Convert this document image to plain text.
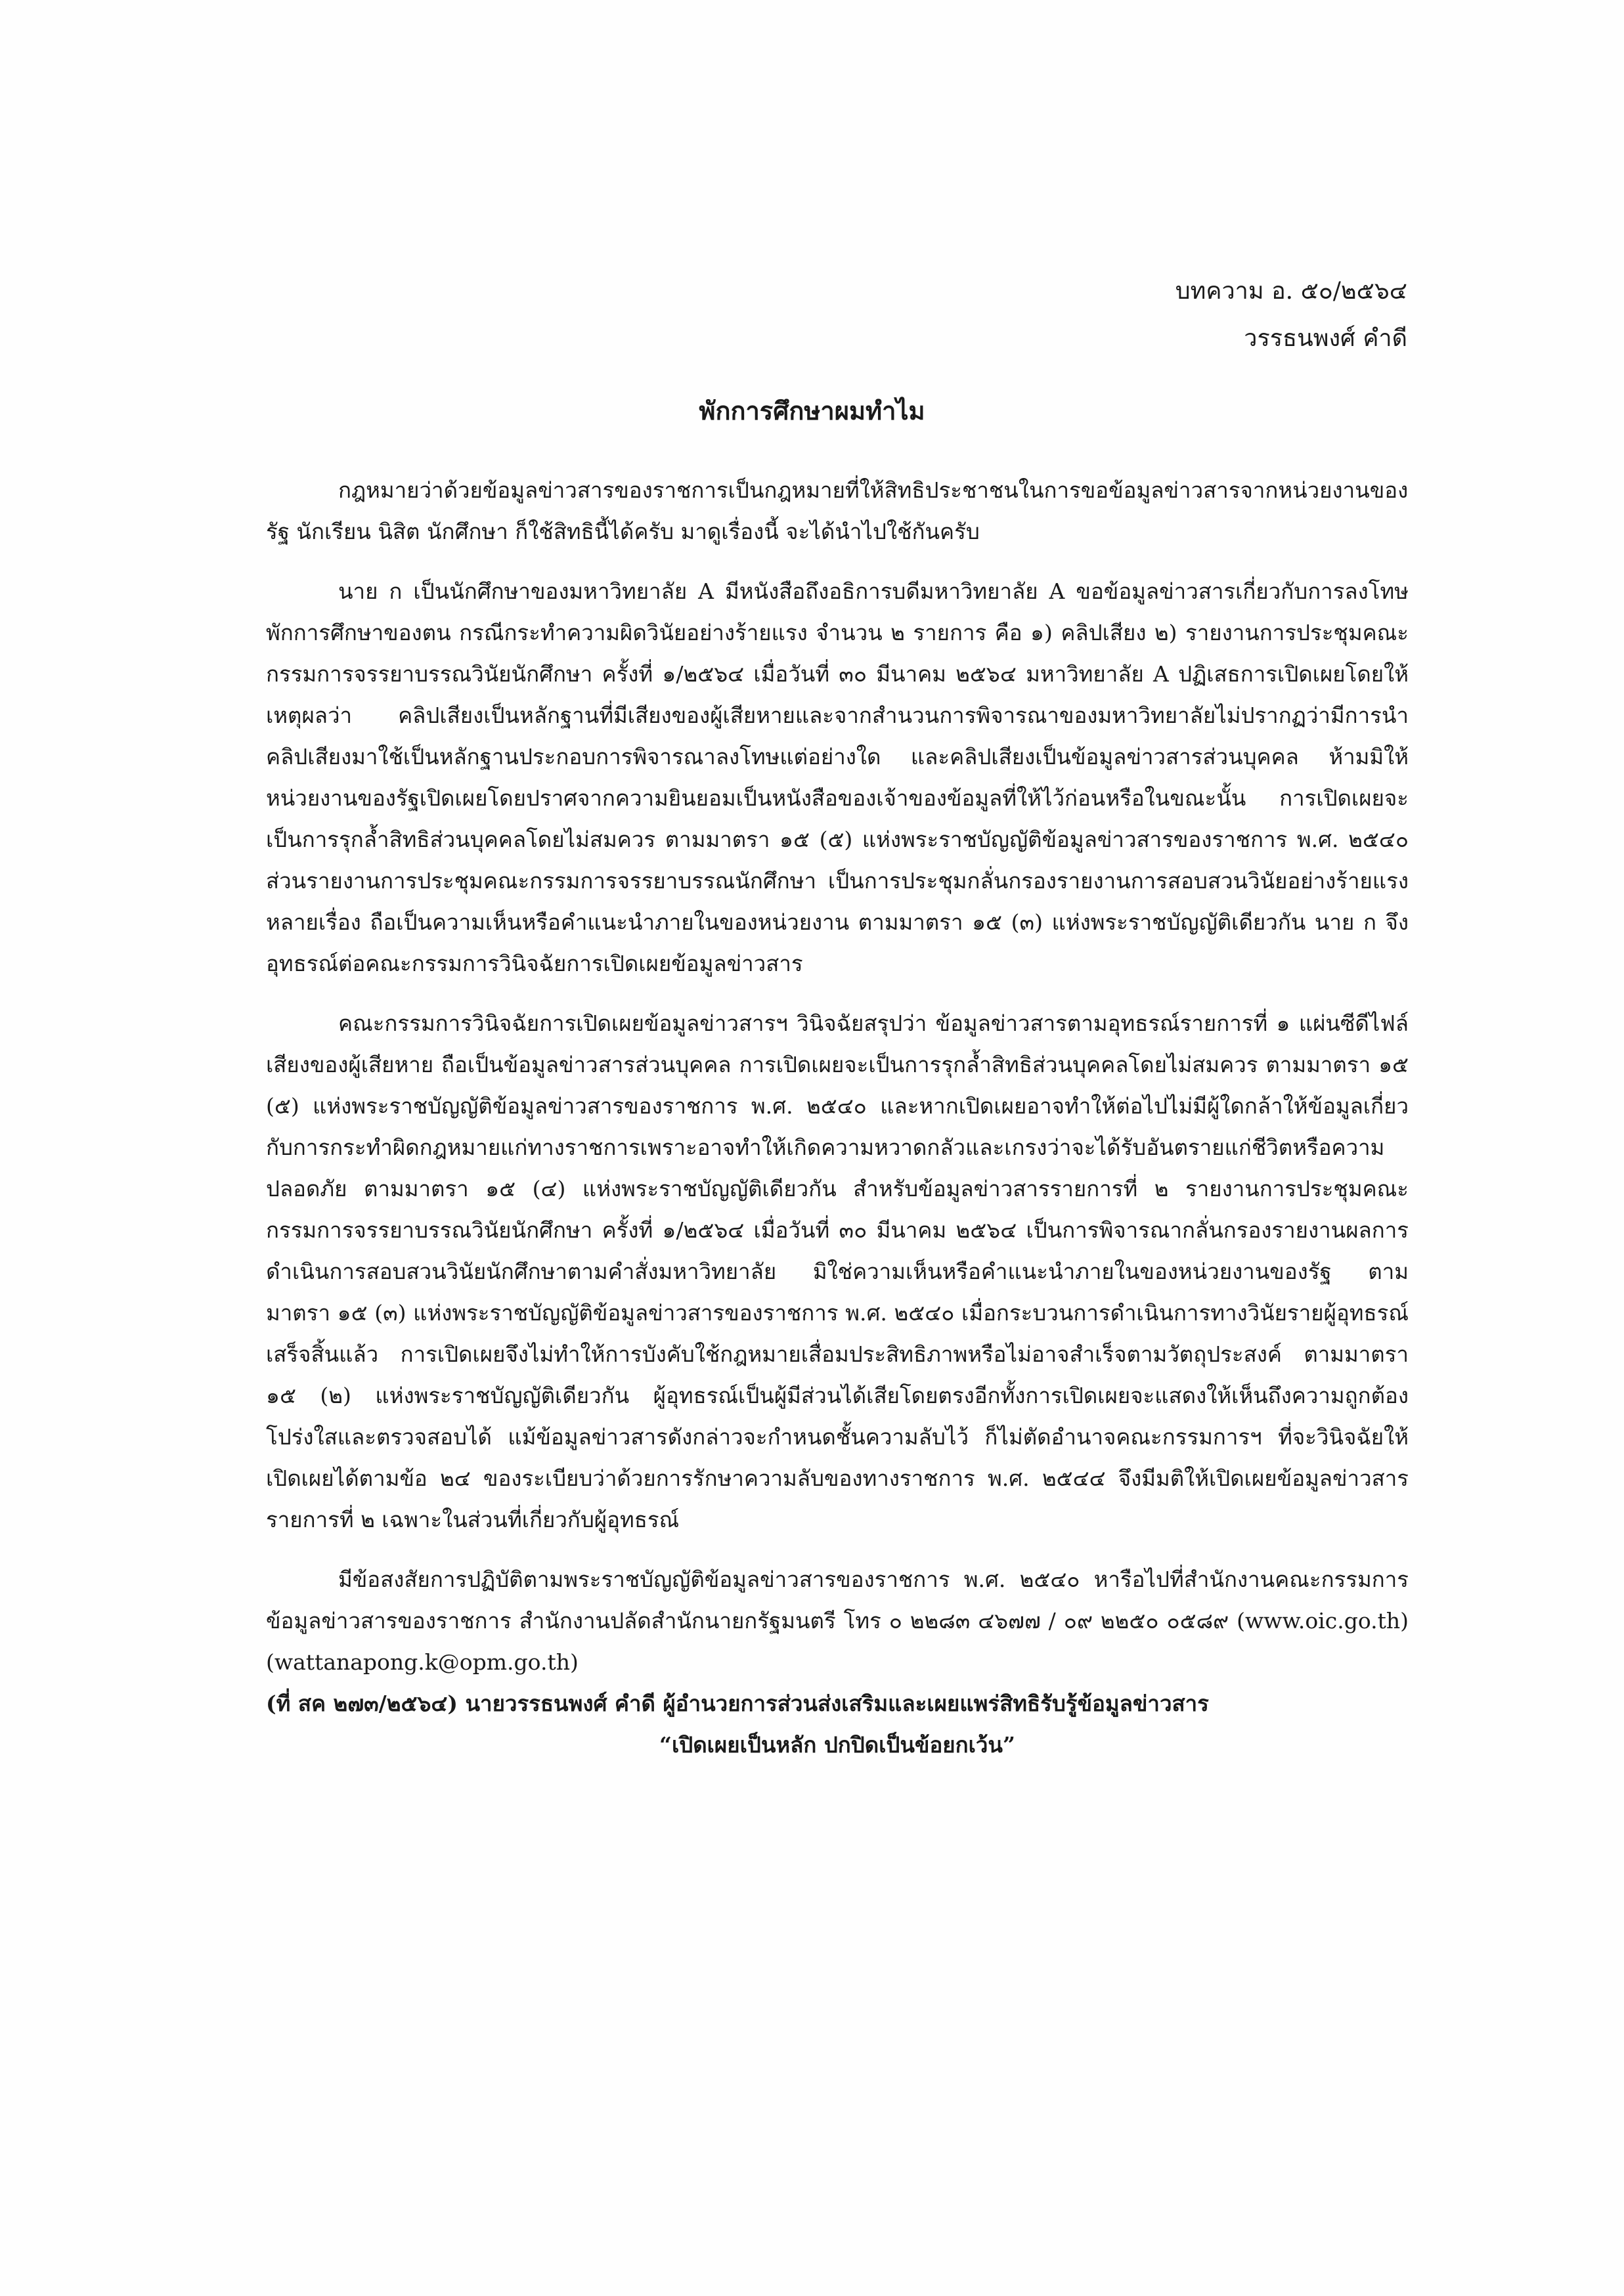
บทความ อ. ๕๐/๒๕๖๔
วรรธนพงศ์ คำดี
พักการศึกษาผมทำไม

กฎหมายว่าด้วยข้อมูลข่าวสารของราชการเป็นกฎหมายที่ให้สิทธิประชาชนในการขอข้อมูลข่าวสารจากหน่วยงานของรัฐ นักเรียน นิสิต นักศึกษา ก็ใช้สิทธินี้ได้ครับ มาดูเรื่องนี้ จะได้นำไปใช้กันครับ

นาย ก เป็นนักศึกษาของมหาวิทยาลัย A มีหนังสือถึงอธิการบดีมหาวิทยาลัย A ขอข้อมูลข่าวสารเกี่ยวกับการลงโทษพักการศึกษาของตน กรณีกระทำความผิดวินัยอย่างร้ายแรง จำนวน ๒ รายการ คือ ๑) คลิปเสียง ๒) รายงานการประชุมคณะกรรมการจรรยาบรรณวินัยนักศึกษา ครั้งที่ ๑/๒๕๖๔ เมื่อวันที่ ๓๐ มีนาคม ๒๕๖๔ มหาวิทยาลัย A ปฏิเสธการเปิดเผยโดยให้เหตุผลว่า คลิปเสียงเป็นหลักฐานที่มีเสียงของผู้เสียหายและจากสำนวนการพิจารณาของมหาวิทยาลัยไม่ปรากฏว่ามีการนำคลิปเสียงมาใช้เป็นหลักฐานประกอบการพิจารณาลงโทษแต่อย่างใด และคลิปเสียงเป็นข้อมูลข่าวสารส่วนบุคคล ห้ามมิให้หน่วยงานของรัฐเปิดเผยโดยปราศจากความยินยอมเป็นหนังสือของเจ้าของข้อมูลที่ให้ไว้ก่อนหรือในขณะนั้น การเปิดเผยจะเป็นการรุกล้ำสิทธิส่วนบุคคลโดยไม่สมควร ตามมาตรา ๑๕ (๕) แห่งพระราชบัญญัติข้อมูลข่าวสารของราชการ พ.ศ. ๒๕๔๐ ส่วนรายงานการประชุมคณะกรรมการจรรยาบรรณนักศึกษา เป็นการประชุมกลั่นกรองรายงานการสอบสวนวินัยอย่างร้ายแรงหลายเรื่อง ถือเป็นความเห็นหรือคำแนะนำภายในของหน่วยงาน ตามมาตรา ๑๕ (๓) แห่งพระราชบัญญัติเดียวกัน นาย ก จึงอุทธรณ์ต่อคณะกรรมการวินิจฉัยการเปิดเผยข้อมูลข่าวสาร

คณะกรรมการวินิจฉัยการเปิดเผยข้อมูลข่าวสารฯ วินิจฉัยสรุปว่า ข้อมูลข่าวสารตามอุทธรณ์รายการที่ ๑ แผ่นซีดีไฟล์เสียงของผู้เสียหาย ถือเป็นข้อมูลข่าวสารส่วนบุคคล การเปิดเผยจะเป็นการรุกล้ำสิทธิส่วนบุคคลโดยไม่สมควร ตามมาตรา ๑๕ (๕) แห่งพระราชบัญญัติข้อมูลข่าวสารของราชการ พ.ศ. ๒๕๔๐ และหากเปิดเผยอาจทำให้ต่อไปไม่มีผู้ใดกล้าให้ข้อมูลเกี่ยวกับการกระทำผิดกฎหมายแก่ทางราชการเพราะอาจทำให้เกิดความหวาดกลัวและเกรงว่าจะได้รับอันตรายแก่ชีวิตหรือความปลอดภัย ตามมาตรา ๑๕ (๔) แห่งพระราชบัญญัติเดียวกัน สำหรับข้อมูลข่าวสารรายการที่ ๒ รายงานการประชุมคณะกรรมการจรรยาบรรณวินัยนักศึกษา ครั้งที่ ๑/๒๕๖๔ เมื่อวันที่ ๓๐ มีนาคม ๒๕๖๔ เป็นการพิจารณากลั่นกรองรายงานผลการดำเนินการสอบสวนวินัยนักศึกษาตามคำสั่งมหาวิทยาลัย มิใช่ความเห็นหรือคำแนะนำภายในของหน่วยงานของรัฐ ตามมาตรา ๑๕ (๓) แห่งพระราชบัญญัติข้อมูลข่าวสารของราชการ พ.ศ. ๒๕๔๐ เมื่อกระบวนการดำเนินการทางวินัยรายผู้อุทธรณ์เสร็จสิ้นแล้ว การเปิดเผยจึงไม่ทำให้การบังคับใช้กฎหมายเสื่อมประสิทธิภาพหรือไม่อาจสำเร็จตามวัตถุประสงค์ ตามมาตรา ๑๕ (๒) แห่งพระราชบัญญัติเดียวกัน ผู้อุทธรณ์เป็นผู้มีส่วนได้เสียโดยตรงอีกทั้งการเปิดเผยจะแสดงให้เห็นถึงความถูกต้องโปร่งใสและตรวจสอบได้ แม้ข้อมูลข่าวสารดังกล่าวจะกำหนดชั้นความลับไว้ ก็ไม่ตัดอำนาจคณะกรรมการฯ ที่จะวินิจฉัยให้เปิดเผยได้ตามข้อ ๒๔ ของระเบียบว่าด้วยการรักษาความลับของทางราชการ พ.ศ. ๒๕๔๔ จึงมีมติให้เปิดเผยข้อมูลข่าวสารรายการที่ ๒ เฉพาะในส่วนที่เกี่ยวกับผู้อุทธรณ์

มีข้อสงสัยการปฏิบัติตามพระราชบัญญัติข้อมูลข่าวสารของราชการ พ.ศ. ๒๕๔๐ หารือไปที่สำนักงานคณะกรรมการข้อมูลข่าวสารของราชการ สำนักงานปลัดสำนักนายกรัฐมนตรี โทร ๐ ๒๒๘๓ ๔๖๗๗ / ๐๙ ๒๒๕๐ ๐๕๘๙ (www.oic.go.th) (wattanapong.k@opm.go.th)

(ที่ สค ๒๗๓/๒๕๖๔) นายวรรธนพงศ์ คำดี ผู้อำนวยการส่วนส่งเสริมและเผยแพร่สิทธิรับรู้ข้อมูลข่าวสาร

“เปิดเผยเป็นหลัก ปกปิดเป็นข้อยกเว้น”
